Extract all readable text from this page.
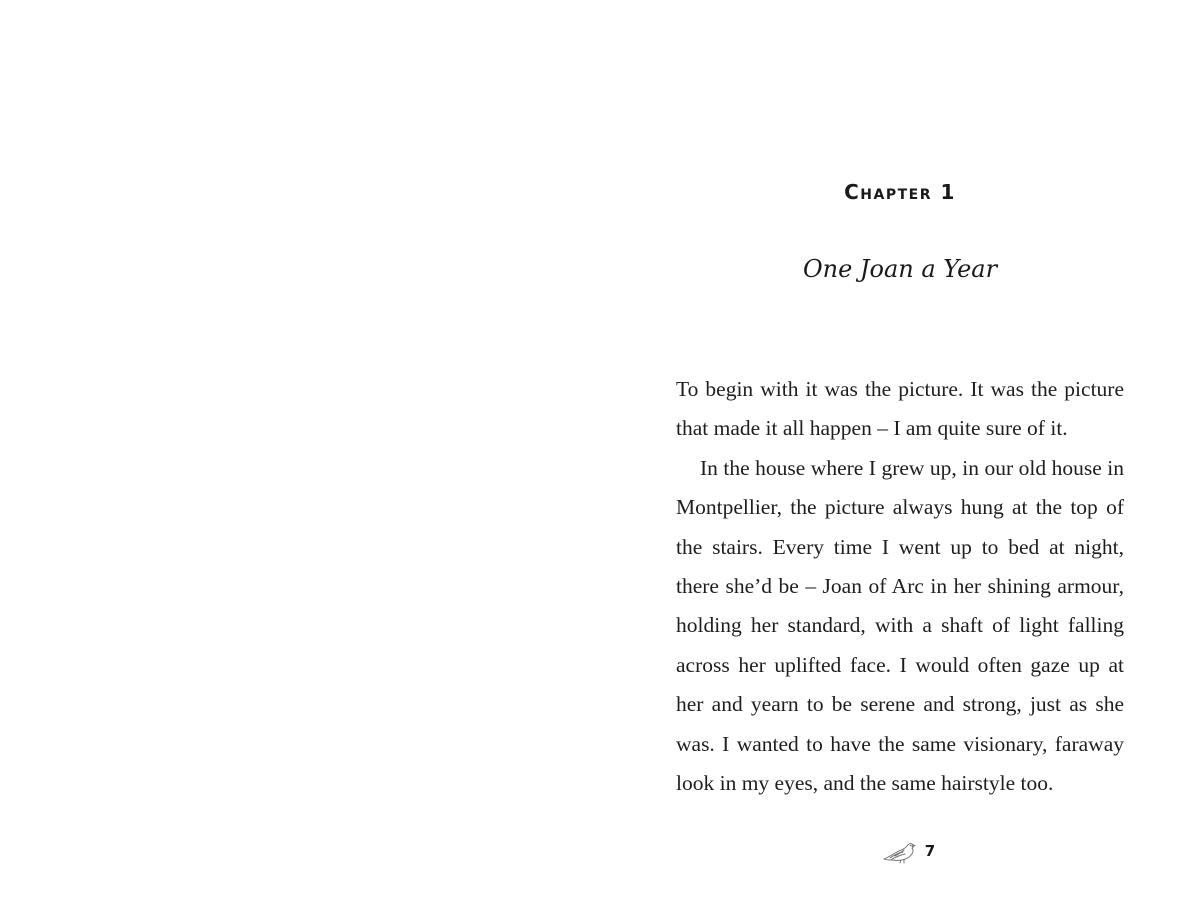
Chapter 1
One Joan a Year

To begin with it was the picture. It was the picture that made it all happen – I am quite sure of it.

In the house where I grew up, in our old house in Montpellier, the picture always hung at the top of the stairs. Every time I went up to bed at night, there she’d be – Joan of Arc in her shining armour, holding her standard, with a shaft of light falling across her uplifted face. I would often gaze up at her and yearn to be serene and strong, just as she was. I wanted to have the same visionary, faraway look in my eyes, and the same hairstyle too.

7
